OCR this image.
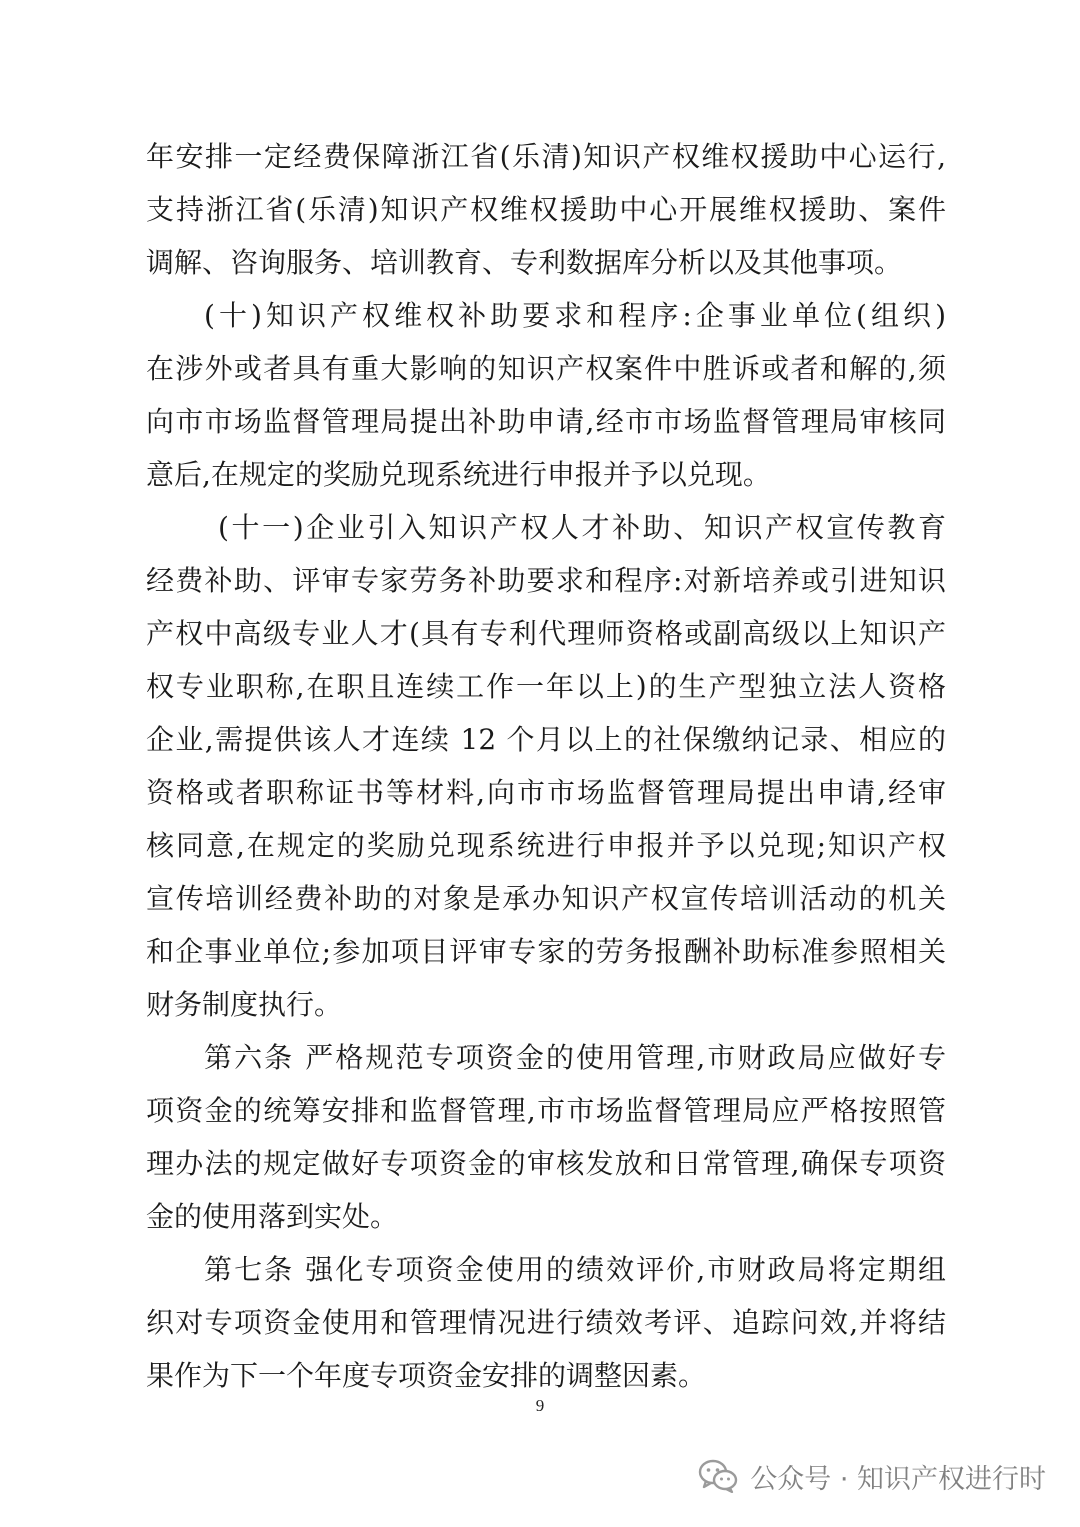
年安排一定经费保障浙江省(乐清)知识产权维权援助中心运行,
支持浙江省(乐清)知识产权维权援助中心开展维权援助、案件
调解、咨询服务、培训教育、专利数据库分析以及其他事项。
(十)知识产权维权补助要求和程序:企事业单位(组织)
在涉外或者具有重大影响的知识产权案件中胜诉或者和解的,须
向市市场监督管理局提出补助申请,经市市场监督管理局审核同
意后,在规定的奖励兑现系统进行申报并予以兑现。
(十一)企业引入知识产权人才补助、知识产权宣传教育
经费补助、评审专家劳务补助要求和程序:对新培养或引进知识
产权中高级专业人才(具有专利代理师资格或副高级以上知识产
权专业职称,在职且连续工作一年以上)的生产型独立法人资格
企业,需提供该人才连续 12 个月以上的社保缴纳记录、相应的
资格或者职称证书等材料,向市市场监督管理局提出申请,经审
核同意,在规定的奖励兑现系统进行申报并予以兑现;知识产权
宣传培训经费补助的对象是承办知识产权宣传培训活动的机关
和企事业单位;参加项目评审专家的劳务报酬补助标准参照相关
财务制度执行。
第六条 严格规范专项资金的使用管理,市财政局应做好专
项资金的统筹安排和监督管理,市市场监督管理局应严格按照管
理办法的规定做好专项资金的审核发放和日常管理,确保专项资
金的使用落到实处。
第七条 强化专项资金使用的绩效评价,市财政局将定期组
织对专项资金使用和管理情况进行绩效考评、追踪问效,并将结
果作为下一个年度专项资金安排的调整因素。
9
公众号 · 知识产权进行时
